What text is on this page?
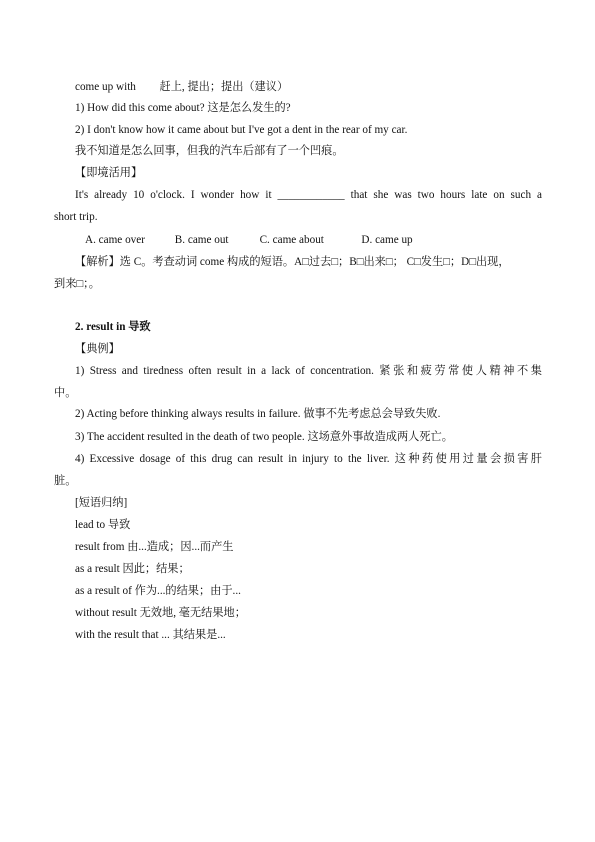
come up with 赶上, 提出；提出（建议）
1) How did this come about? 这是怎么发生的?
2) I don't know how it came about but I've got a dent in the rear of my car.
我不知道是怎么回事，但我的汽车后部有了一个凹痕。
【即境活用】
It's already 10 o'clock. I wonder how it ____________ that she was two hours late on such a
short trip.
A. came over	B. came out	C. came about	D. came up
【解析】选 C。考查动词 come 构成的短语。A□过去□；B□出来□； C□发生□；D□出现，
到来□；。
2. result in 导致
【典例】
1) Stress and tiredness often result in a lack of concentration. 紧张和疲劳常使人精神不集
中。
2) Acting before thinking always results in failure. 做事不先考虑总会导致失败.
3) The accident resulted in the death of two people. 这场意外事故造成两人死亡。
4) Excessive dosage of this drug can result in injury to the liver. 这种药使用过量会损害肝
脏。
[短语归纳]
lead to 导致
result from 由...造成；因...而产生
as a result 因此；结果；
as a result of 作为...的结果；由于...
without result 无效地, 毫无结果地；
with the result that ... 其结果是...
